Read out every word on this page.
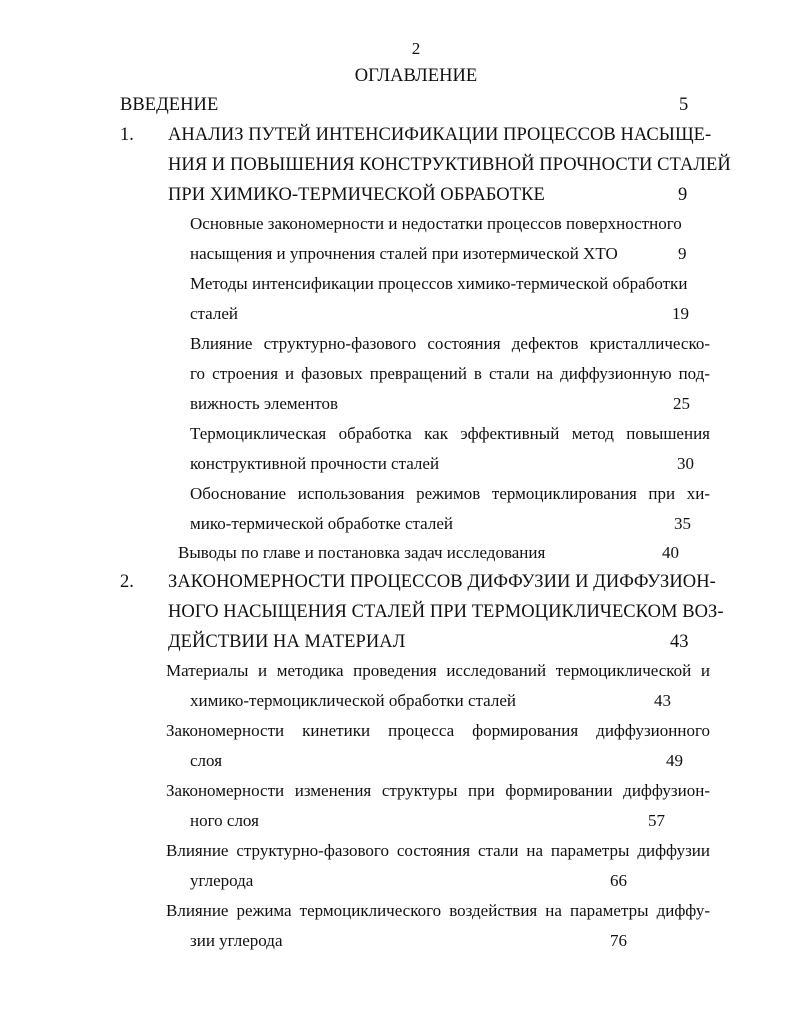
2
ОГЛАВЛЕНИЕ
ВВЕДЕНИЕ	5
1. АНАЛИЗ ПУТЕЙ ИНТЕНСИФИКАЦИИ ПРОЦЕССОВ НАСЫЩЕ-
НИЯ И ПОВЫШЕНИЯ КОНСТРУКТИВНОЙ ПРОЧНОСТИ СТАЛЕЙ
ПРИ ХИМИКО-ТЕРМИЧЕСКОЙ ОБРАБОТКЕ	9
Основные закономерности и недостатки процессов поверхностного
насыщения и упрочнения сталей при изотермической ХТО	9
Методы интенсификации процессов химико-термической обработки
сталей	19
Влияние структурно-фазового состояния дефектов кристаллическо-
го строения и фазовых превращений в стали на диффузионную под-
вижность элементов	25
Термоциклическая обработка как эффективный метод повышения
конструктивной прочности сталей	30
Обоснование использования режимов термоциклирования при хи-
мико-термической обработке сталей	35
Выводы по главе и постановка задач исследования	40
2. ЗАКОНОМЕРНОСТИ ПРОЦЕССОВ ДИФФУЗИИ И ДИФФУЗИОН-
НОГО НАСЫЩЕНИЯ СТАЛЕЙ ПРИ ТЕРМОЦИКЛИЧЕСКОМ ВОЗ-
ДЕЙСТВИИ НА МАТЕРИАЛ	43
Материалы и методика проведения исследований термоциклической и
химико-термоциклической обработки сталей	43
Закономерности кинетики процесса формирования диффузионного
слоя	49
Закономерности изменения структуры при формировании диффузион-
ного слоя	57
Влияние структурно-фазового состояния стали на параметры диффузии
углерода	66
Влияние режима термоциклического воздействия на параметры диффу-
зии углерода	76
